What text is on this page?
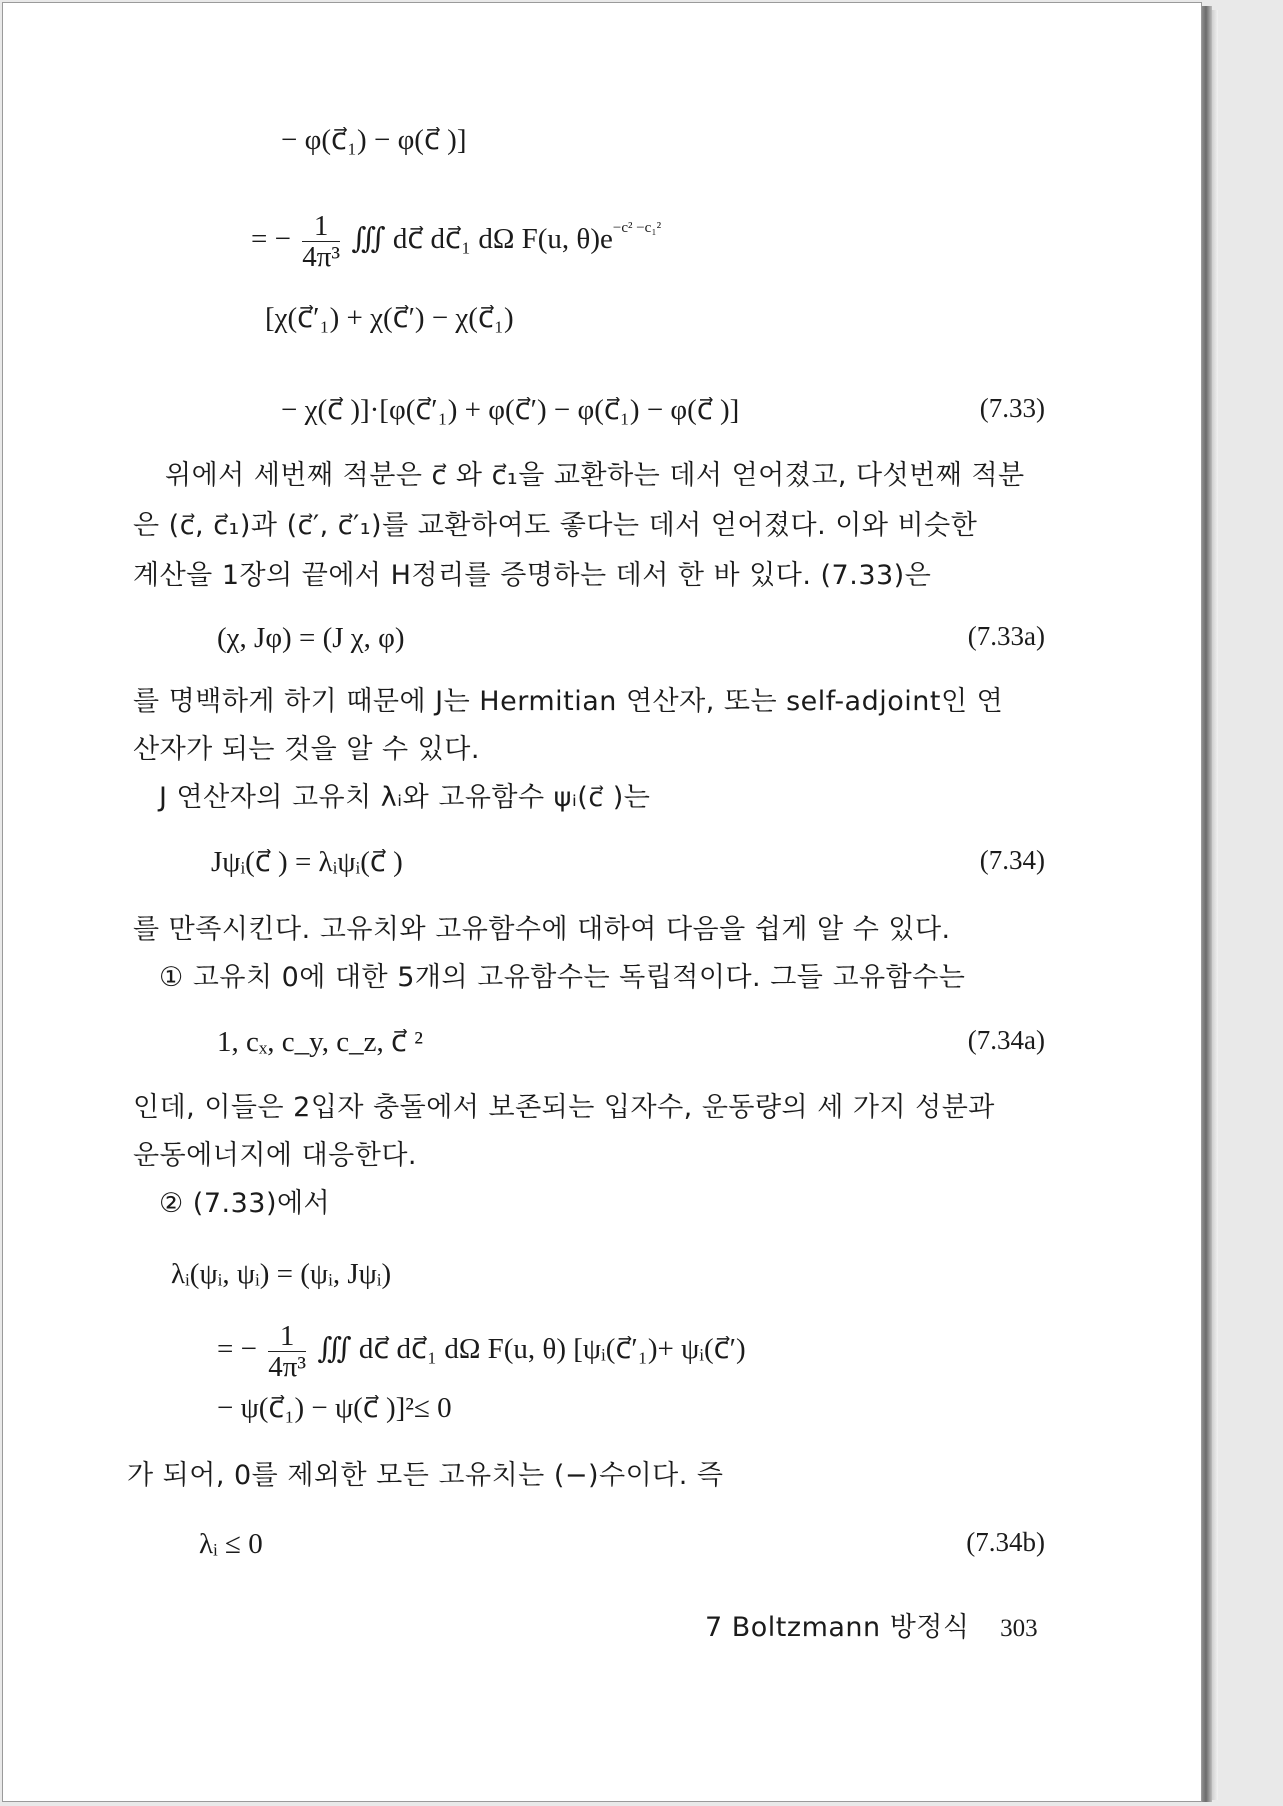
− φ(c⃗₁) − φ(c⃗ )]
= − $\frac{1}{\text{4π³}}$ ∭ dc⃗ dc⃗₁ dΩ F(u, $\theta)e^{-c^2 -c_1^2}$
[χ(c⃗′₁) + χ(c⃗′) − χ(c⃗₁)
− χ(c⃗ )]·[φ(c⃗′₁) + φ(c⃗′) − φ(c⃗₁) − φ(c⃗ )]	(7.33)
위에서 세번째 적분은 c⃗ 와 c⃗₁을 교환하는 데서 얻어졌고, 다섯번째 적분
은 (c⃗, c⃗₁)과 (c⃗′, c⃗′₁)를 교환하여도 좋다는 데서 얻어졌다. 이와 비슷한
계산을 1장의 끝에서 H정리를 증명하는 데서 한 바 있다. (7.33)은
(χ, Jφ) = (J χ, φ)	(7.33a)
를 명백하게 하기 때문에 J는 Hermitian 연산자, 또는 self-adjoint인 연
산자가 되는 것을 알 수 있다.
J 연산자의 고유치 λᵢ와 고유함수 ψᵢ(c⃗ )는
Jψᵢ(c⃗ ) = λᵢψᵢ(c⃗ )	(7.34)
를 만족시킨다. 고유치와 고유함수에 대하여 다음을 쉽게 알 수 있다.
① 고유치 0에 대한 5개의 고유함수는 독립적이다. 그들 고유함수는
1, cₓ, c_y, c_z, c⃗ ²	(7.34a)
인데, 이들은 2입자 충돌에서 보존되는 입자수, 운동량의 세 가지 성분과
운동에너지에 대응한다.
② (7.33)에서
λᵢ(ψᵢ, ψᵢ) = (ψᵢ, Jψᵢ)
= − $\frac{1}{\text{4π³}}$ ∭ dc⃗ dc⃗₁ dΩ F(u, θ) [ψᵢ(c⃗′₁)+ ψᵢ(c⃗′)
− ψ(c⃗₁) − ψ(c⃗ )]²≤ 0
가 되어, 0를 제외한 모든 고유치는 (−)수이다. 즉
λᵢ ≤ 0	(7.34b)
7 Boltzmann 방정식 303
